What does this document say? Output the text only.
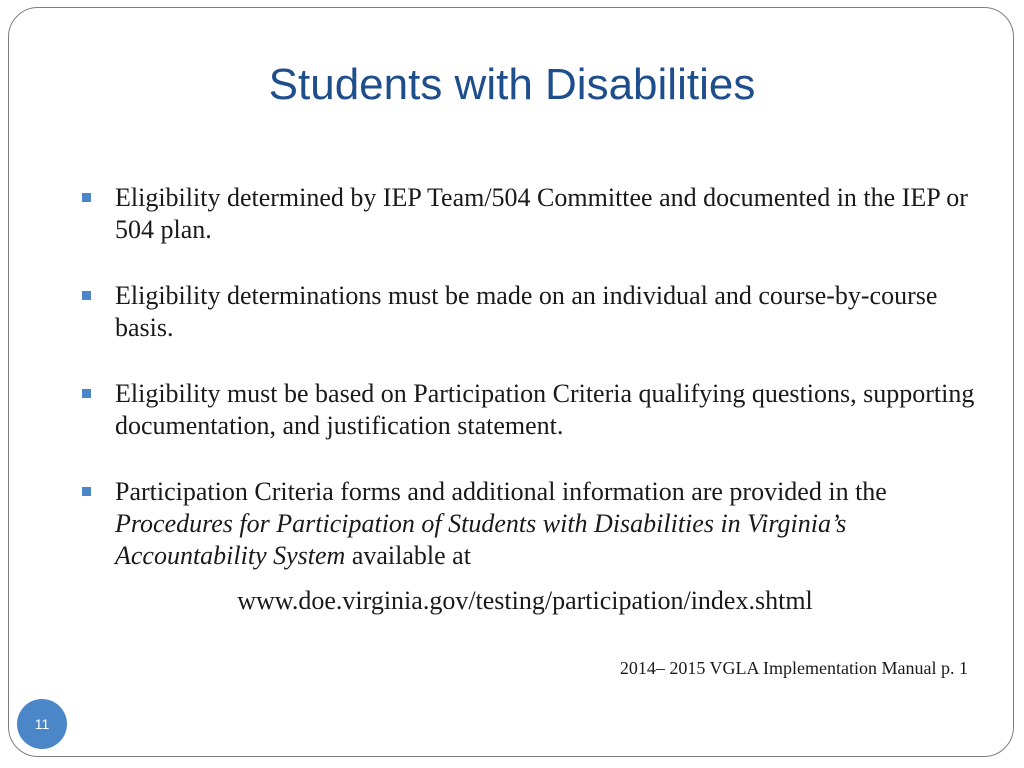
Students with Disabilities
Eligibility determined by IEP Team/504 Committee and documented in the IEP or 504 plan.
Eligibility determinations must be made on an individual and course-by-course basis.
Eligibility must be based on Participation Criteria qualifying questions, supporting documentation, and justification statement.
Participation Criteria forms and additional information are provided in the Procedures for Participation of Students with Disabilities in Virginia’s Accountability System available at
www.doe.virginia.gov/testing/participation/index.shtml
2014– 2015 VGLA Implementation Manual p. 1
11
